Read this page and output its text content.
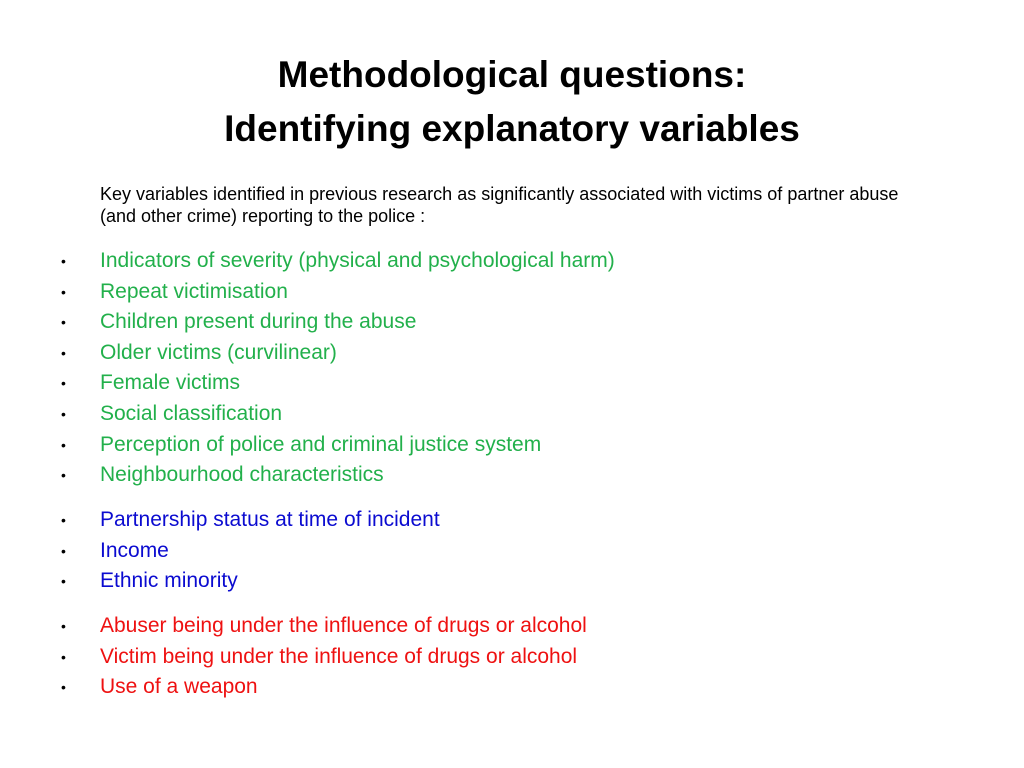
Methodological questions:
Identifying explanatory variables
Key variables identified in previous research as significantly associated with victims of partner abuse (and other crime) reporting to the police :
• Indicators of severity (physical and psychological harm)
• Repeat victimisation
• Children present during the abuse
• Older victims (curvilinear)
• Female victims
• Social classification
• Perception of police and criminal justice system
• Neighbourhood characteristics
• Partnership status at time of incident
• Income
• Ethnic minority
• Abuser being under the influence of drugs or alcohol
• Victim being under the influence of drugs or alcohol
• Use of a weapon
